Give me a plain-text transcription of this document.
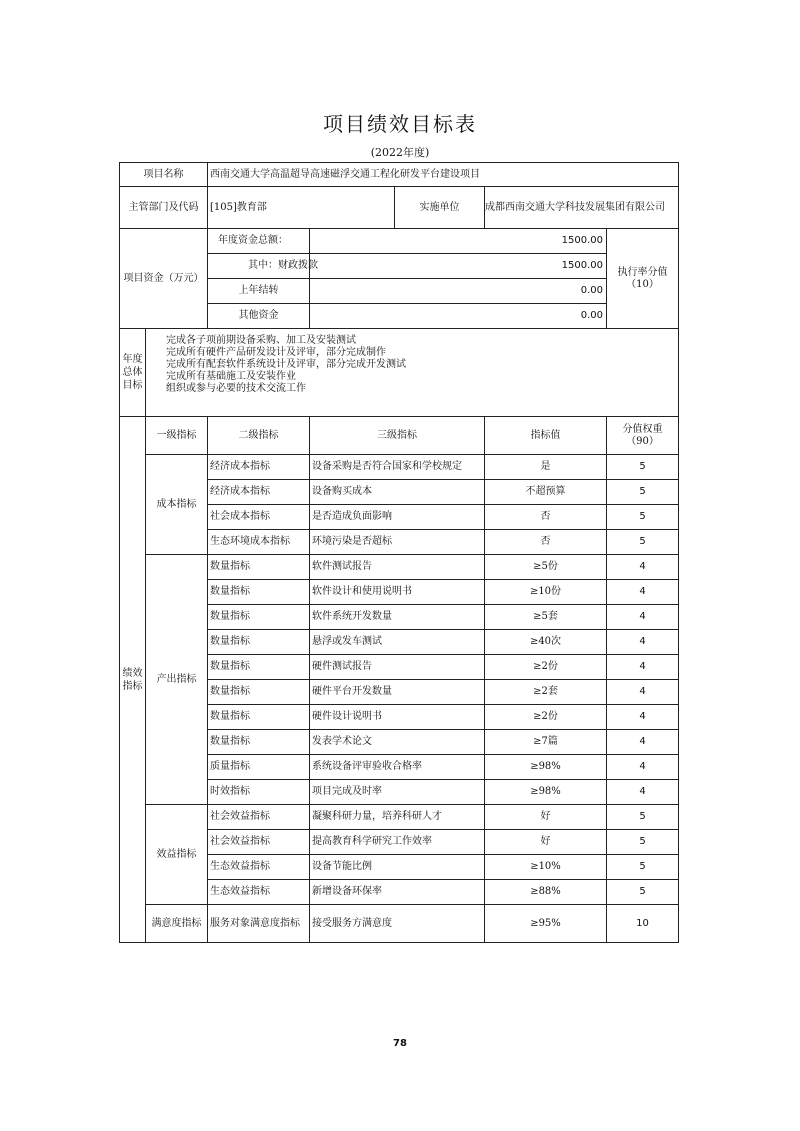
项目绩效目标表
(2022年度)
项目名称		西南交通大学高温超导高速磁浮交通工程化研发平台建设项目				
主管部门及代码		[105]教育部		实施单位	成都西南交通大学科技发展集团有限公司	
项目资金（万元）		年度资金总额：	1500.00			执行率分值
（10）

		其中：财政拨款	1500.00			
		上年结转	0.00			
		其他资金	0.00			
年度总体目标	完成各子项前期设备采购、加工及安装测试
完成所有硬件产品研发设计及评审，部分完成制作
完成所有配套软件系统设计及评审，部分完成开发测试
完成所有基础施工及安装作业
组织或参与必要的技术交流工作					

绩效指标	一级指标	二级指标	三级指标		指标值	分值权重
（90）

	成本指标	经济成本指标	设备采购是否符合国家和学校规定		是	5
		经济成本指标	设备购买成本		不超预算	5
		社会成本指标	是否造成负面影响		否	5
		生态环境成本指标	环境污染是否超标		否	5
	产出指标	数量指标	软件测试报告		≥5份	4
		数量指标	软件设计和使用说明书		≥10份	4
		数量指标	软件系统开发数量		≥5套	4
		数量指标	悬浮或发车测试		≥40次	4
		数量指标	硬件测试报告		≥2份	4
		数量指标	硬件平台开发数量		≥2套	4
		数量指标	硬件设计说明书		≥2份	4
		数量指标	发表学术论文		≥7篇	4
		质量指标	系统设备评审验收合格率		≥98%	4
		时效指标	项目完成及时率		≥98%	4
	效益指标	社会效益指标	凝聚科研力量，培养科研人才		好	5
		社会效益指标	提高教育科学研究工作效率		好	5
		生态效益指标	设备节能比例		≥10%	5
		生态效益指标	新增设备环保率		≥88%	5
	满意度指标	服务对象满意度指标	接受服务方满意度		≥95%	10
78
